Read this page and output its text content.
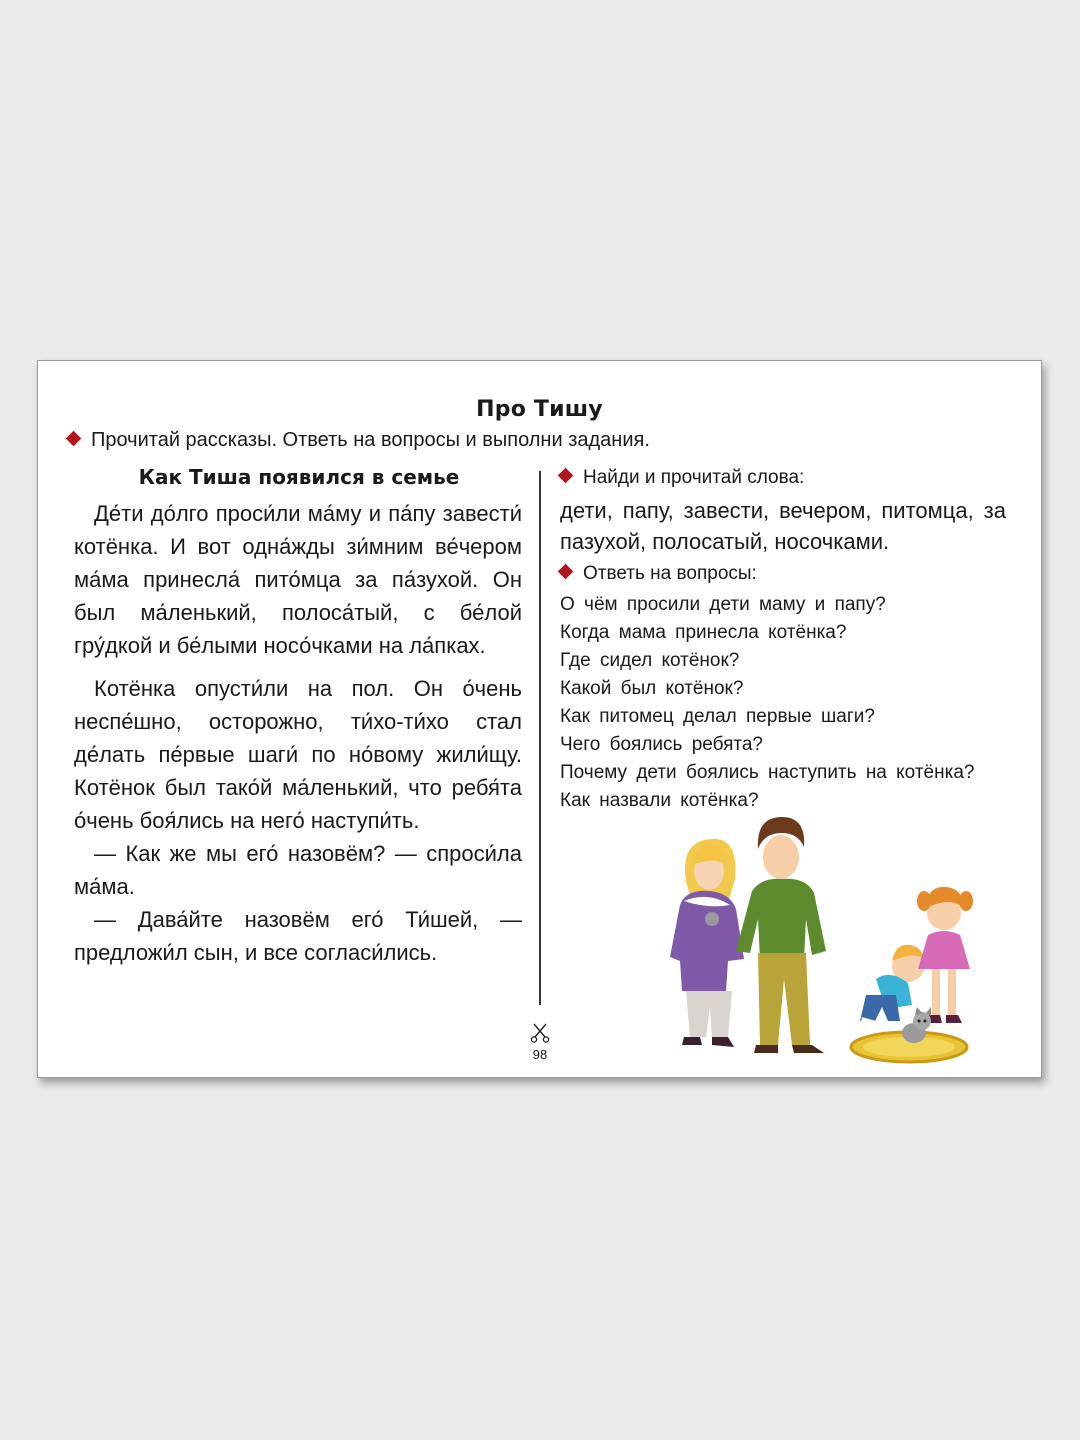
Про Тишу
Прочитай рассказы. Ответь на вопросы и выполни задания.
Как Тиша появился в семье

Де́ти до́лго проси́ли ма́му и па́пу завести́ котёнка. И вот одна́жды зи́мним ве́чером ма́ма принесла́ пито́мца за па́зухой. Он был ма́ленький, полоса́тый, с бе́лой гру́дкой и бе́лыми носо́чками на ла́пках.

Котёнка опусти́ли на пол. Он о́чень неспе́шно, осторожно, ти́хо-ти́хо стал де́лать пе́рвые шаги́ по но́вому жили́щу. Котёнок был тако́й ма́ленький, что ребя́та о́чень боя́лись на него́ наступи́ть.

— Как же мы его́ назовём? — спроси́ла ма́ма.

— Дава́йте назовём его́ Ти́шей, — предложи́л сын, и все согласи́лись.

98
Найди и прочитай слова:
дети, папу, завести, вечером, питомца, за пазухой, полосатый, носочками.
Ответь на вопросы:
О чём просили дети маму и папу?
Когда мама принесла котёнка?
Где сидел котёнок?
Какой был котёнок?
Как питомец делал первые шаги?
Чего боялись ребята?
Почему дети боялись наступить на котёнка?
Как назвали котёнка?
